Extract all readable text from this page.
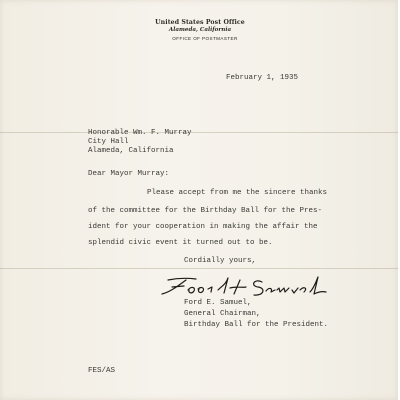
United States Post Office
Alameda, California
OFFICE OF POSTMASTER
February 1, 1935
Honorable Wm. F. Murray
City Hall
Alameda, California
Dear Mayor Murray:
Please accept from me the sincere thanks
of the committee for the Birthday Ball for the Pres-
ident for your cooperation in making the affair the
splendid civic event it turned out to be.
Cordially yours,
Ford E. Samuel,
General Chairman,
Birthday Ball for the President.
FES/AS
